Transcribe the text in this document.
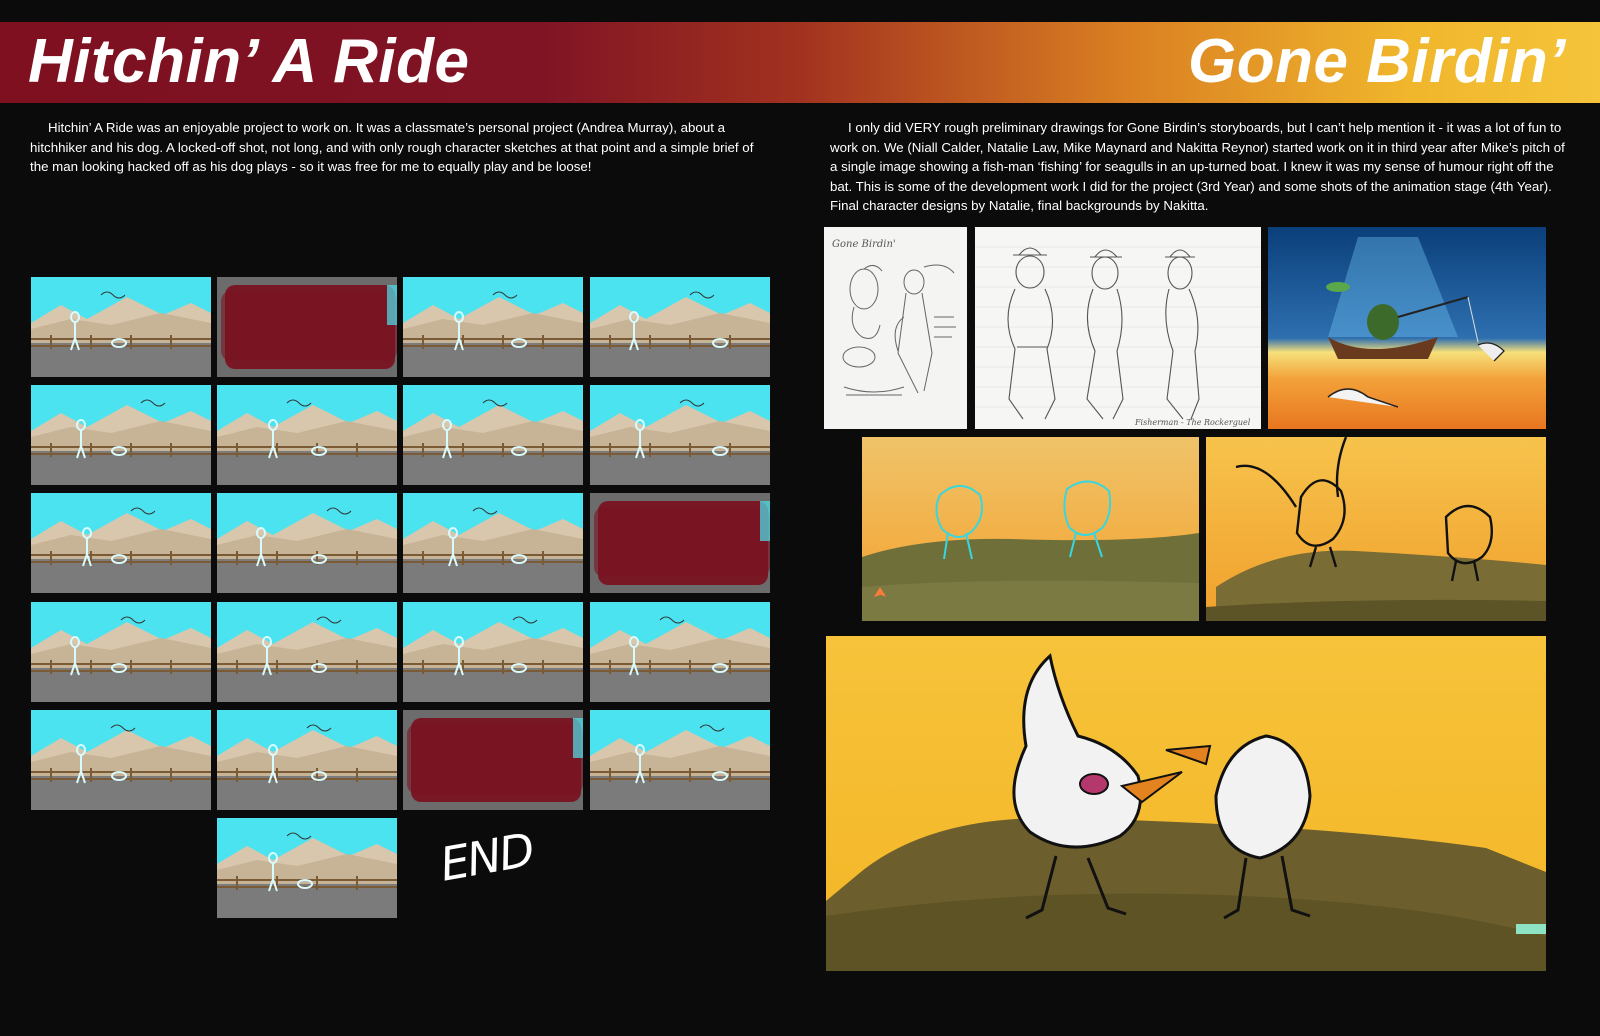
Hitchin’ A Ride	Gone Birdin’
Hitchin’ A Ride was an enjoyable project to work on. It was a classmate’s personal project (Andrea Murray), about a hitchhiker and his dog. A locked-off shot, not long, and with only rough character sketches at that point and a simple brief of the man looking hacked off as his dog plays - so it was free for me to equally play and be loose!
I only did VERY rough preliminary drawings for Gone Birdin’s storyboards, but I can’t help mention it - it was a lot of fun to work on. We (Niall Calder, Natalie Law, Mike Maynard and Nakitta Reynor) started work on it in third year after Mike’s pitch of a single image showing a fish-man ‘fishing’ for seagulls in an up-turned boat. I knew it was my sense of humour right off the bat. This is some of the development work I did for the project (3rd Year) and some shots of the animation stage (4th Year). Final character designs by Natalie, final backgrounds by Nakitta.
END
Gone Birdin'
Fisherman - The Rockerguel
